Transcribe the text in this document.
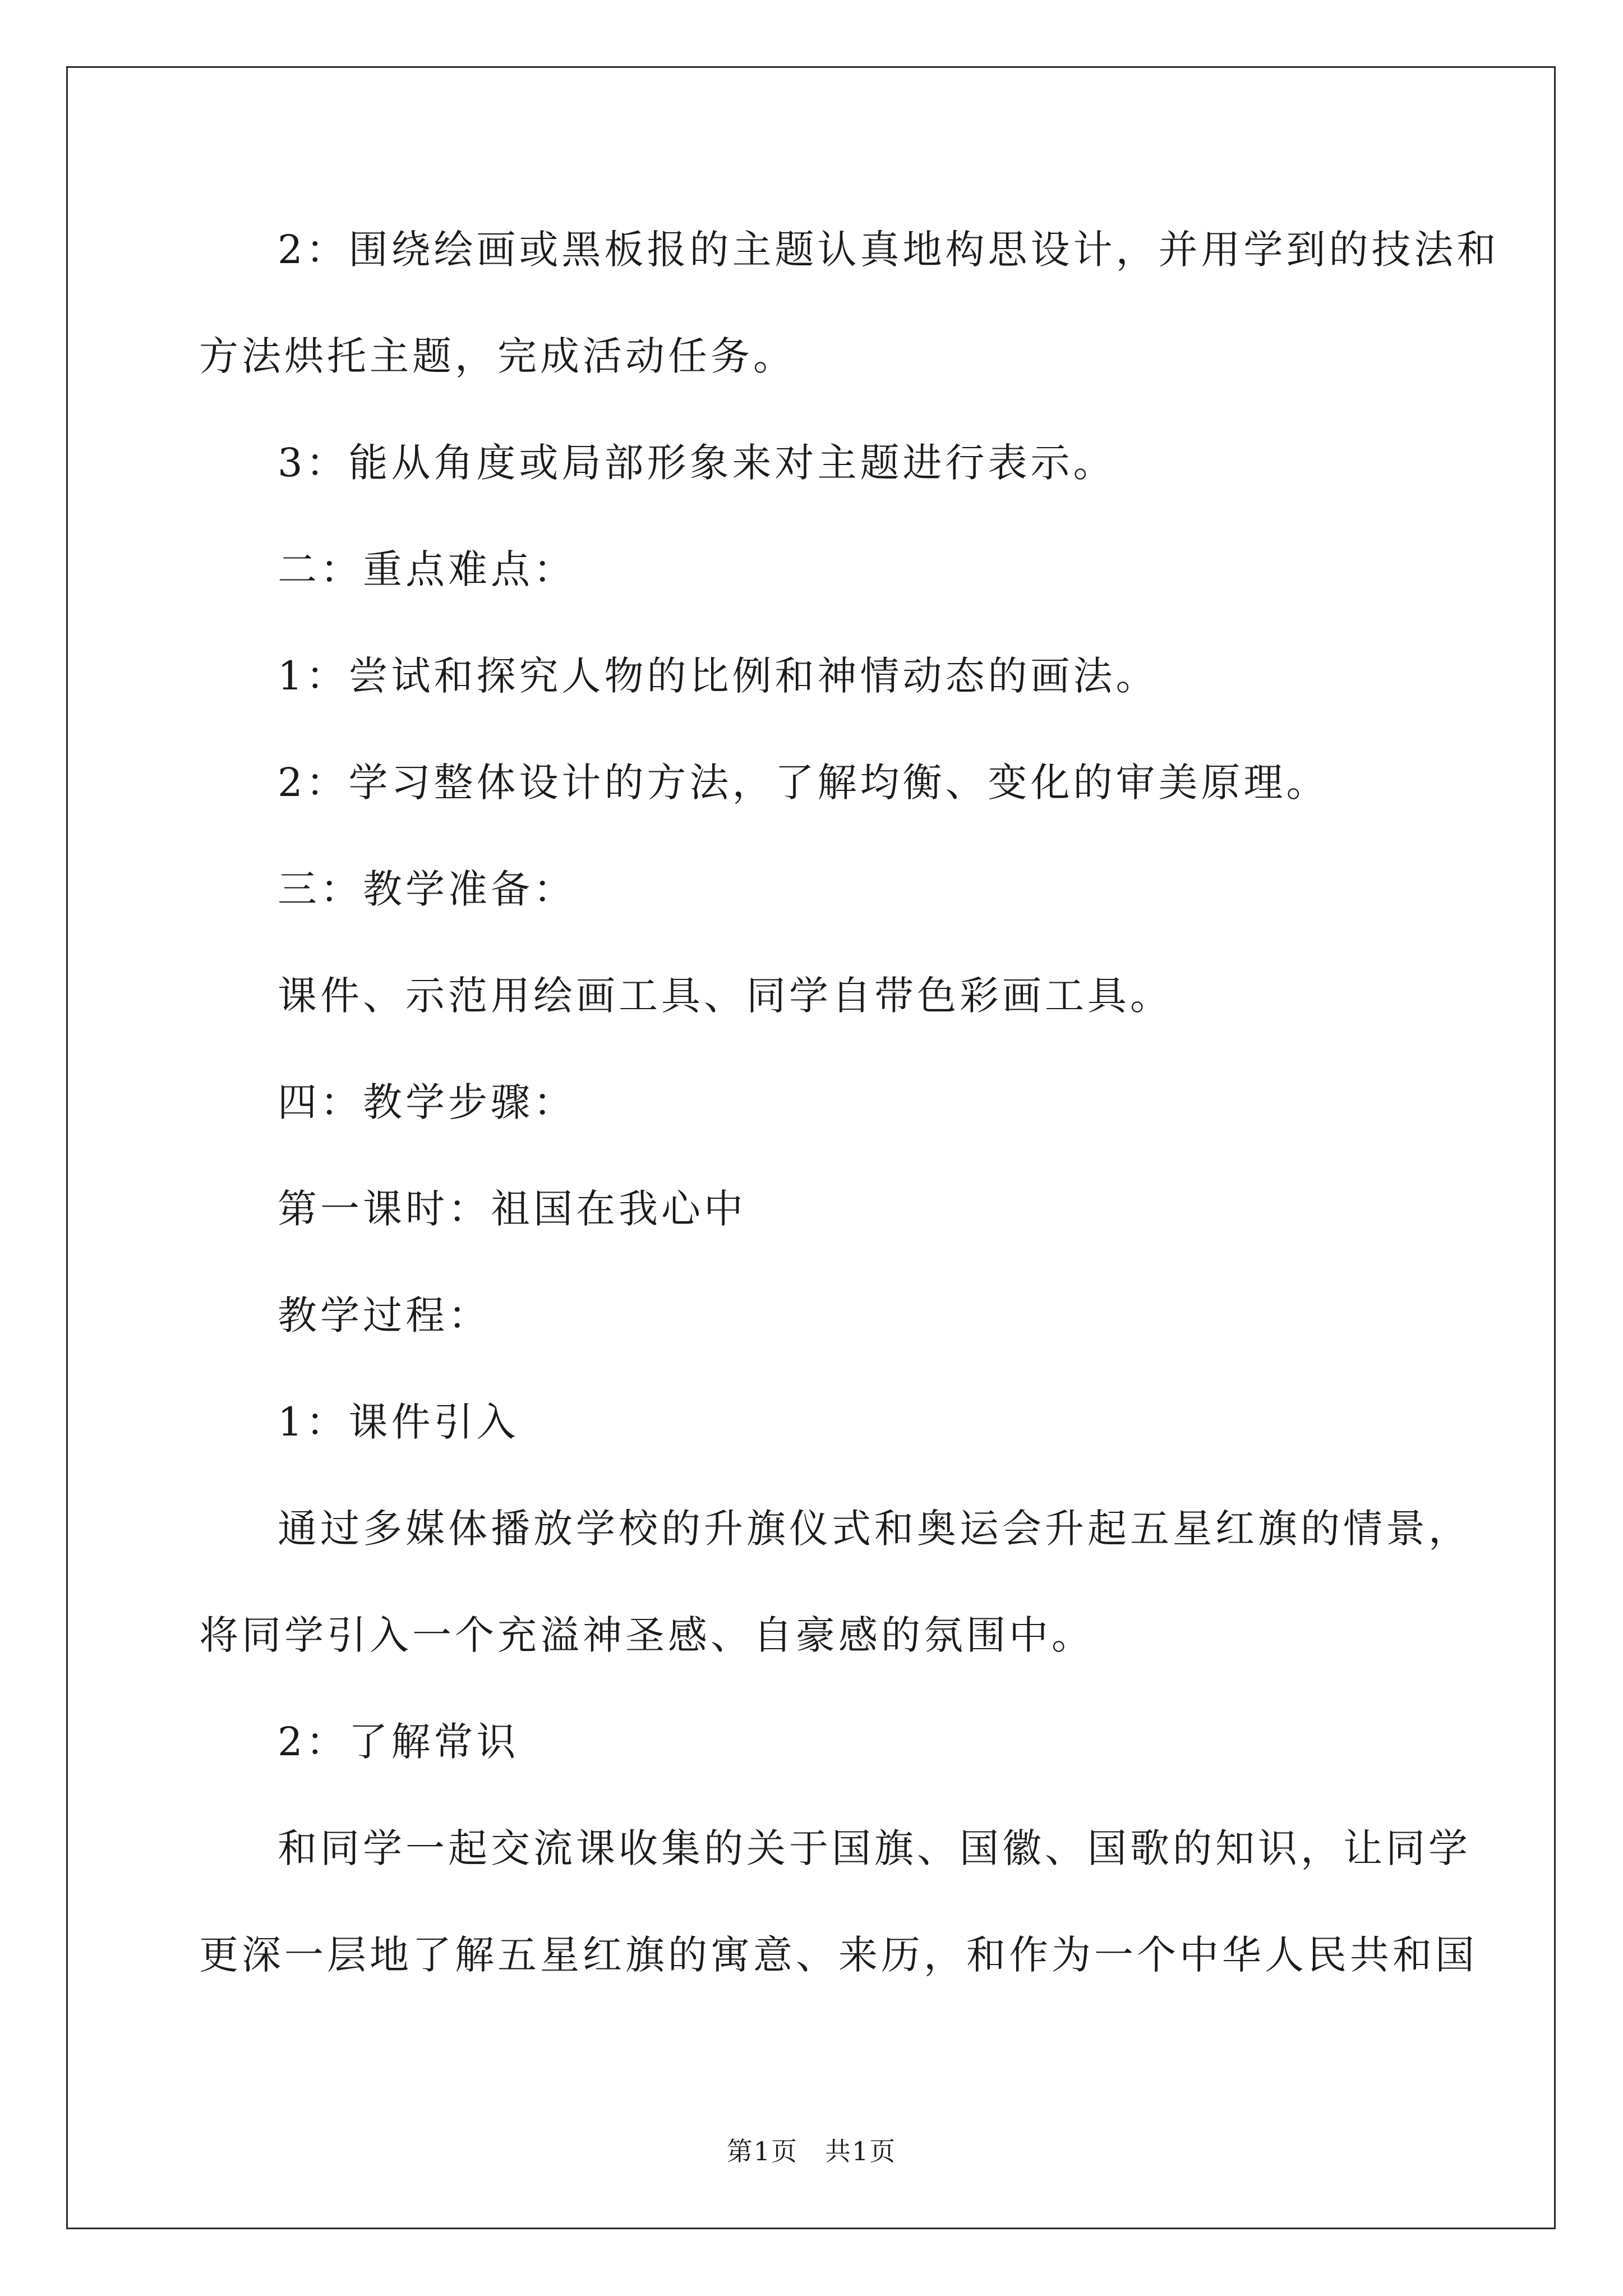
2：围绕绘画或黑板报的主题认真地构思设计，并用学到的技法和
方法烘托主题，完成活动任务。
3：能从角度或局部形象来对主题进行表示。
二：重点难点：
1：尝试和探究人物的比例和神情动态的画法。
2：学习整体设计的方法，了解均衡、变化的审美原理。
三：教学准备：
课件、示范用绘画工具、同学自带色彩画工具。
四：教学步骤：
第一课时：祖国在我心中
教学过程：
1：课件引入
通过多媒体播放学校的升旗仪式和奥运会升起五星红旗的情景，
将同学引入一个充溢神圣感、自豪感的氛围中。
2：了解常识
和同学一起交流课收集的关于国旗、国徽、国歌的知识，让同学
更深一层地了解五星红旗的寓意、来历，和作为一个中华人民共和国
第1页　共1页
